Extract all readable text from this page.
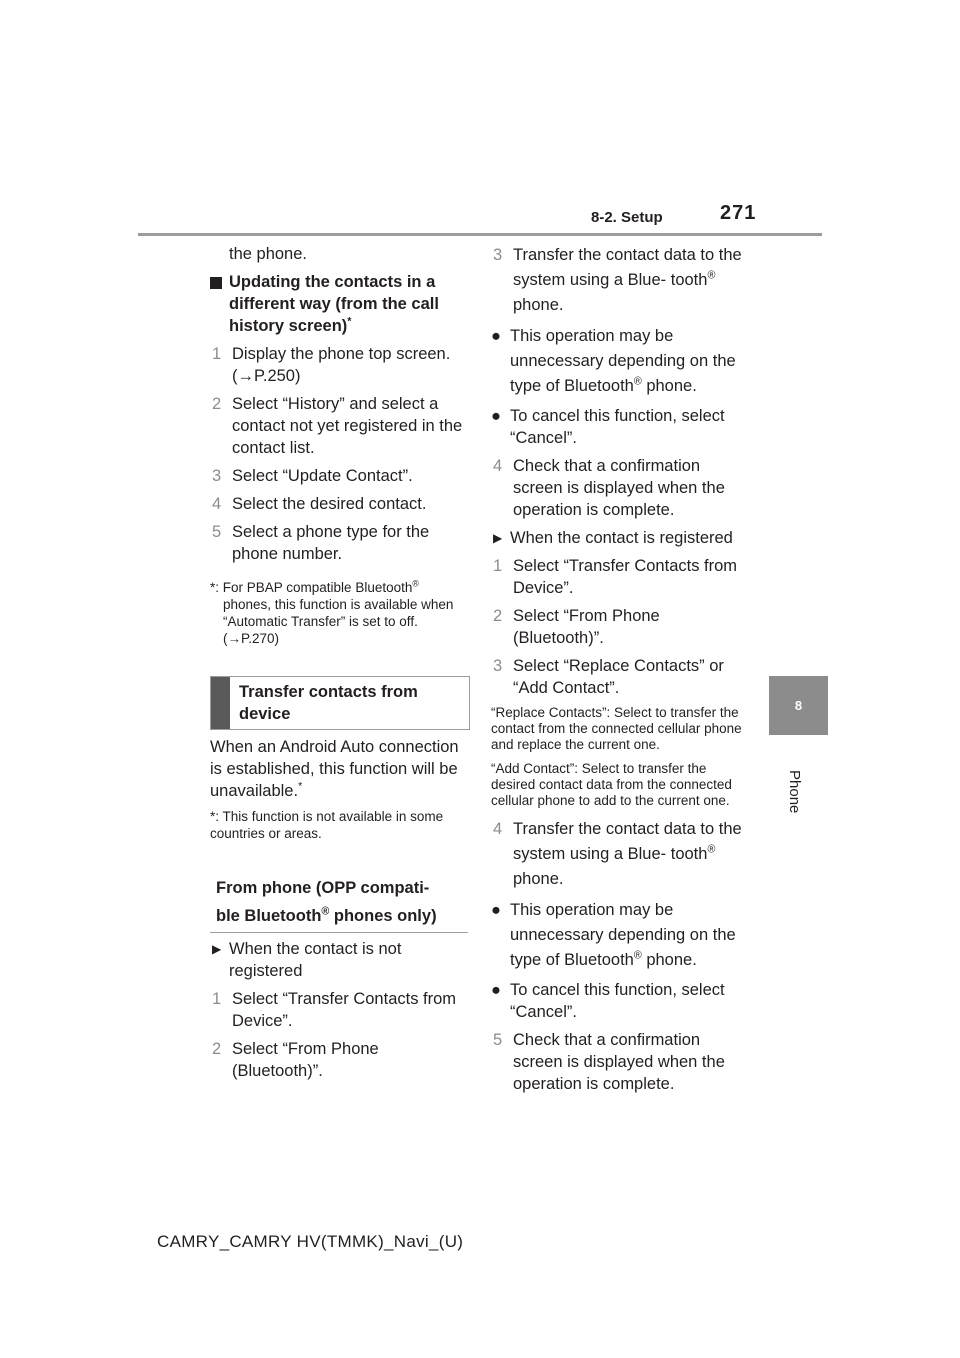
8-2. Setup	271
8
Phone

the phone.

Updating the contacts in a different way (from the call history screen)*

1 Display the phone top screen. (→P.250)

2 Select “History” and select a contact not yet registered in the contact list.

3 Select “Update Contact”.

4 Select the desired contact.

5 Select a phone type for the phone number.

*: For PBAP compatible Bluetooth®
phones, this function is available when “Automatic Transfer” is set to off. (→P.270)

Transfer contacts from device

When an Android Auto connection is established, this function will be unavailable.*

*: This function is not available in some countries or areas.

From phone (OPP compati-
ble Bluetooth® phones only)

▶ When the contact is not registered

1 Select “Transfer Contacts from Device”.

2 Select “From Phone (Bluetooth)”.

3 Transfer the contact data to the system using a Blue- tooth® phone.

● This operation may be unnecessary depending on the type of Bluetooth® phone.

● To cancel this function, select “Cancel”.

4 Check that a confirmation screen is displayed when the operation is complete.

▶ When the contact is registered

1 Select “Transfer Contacts from Device”.

2 Select “From Phone (Bluetooth)”.

3 Select “Replace Contacts” or “Add Contact”.

“Replace Contacts”: Select to transfer the contact from the connected cellular phone and replace the current one.

“Add Contact”: Select to transfer the desired contact data from the connected cellular phone to add to the current one.

4 Transfer the contact data to the system using a Blue- tooth® phone.

● This operation may be unnecessary depending on the type of Bluetooth® phone.

● To cancel this function, select “Cancel”.

5 Check that a confirmation screen is displayed when the operation is complete.

CAMRY_CAMRY HV(TMMK)_Navi_(U)
